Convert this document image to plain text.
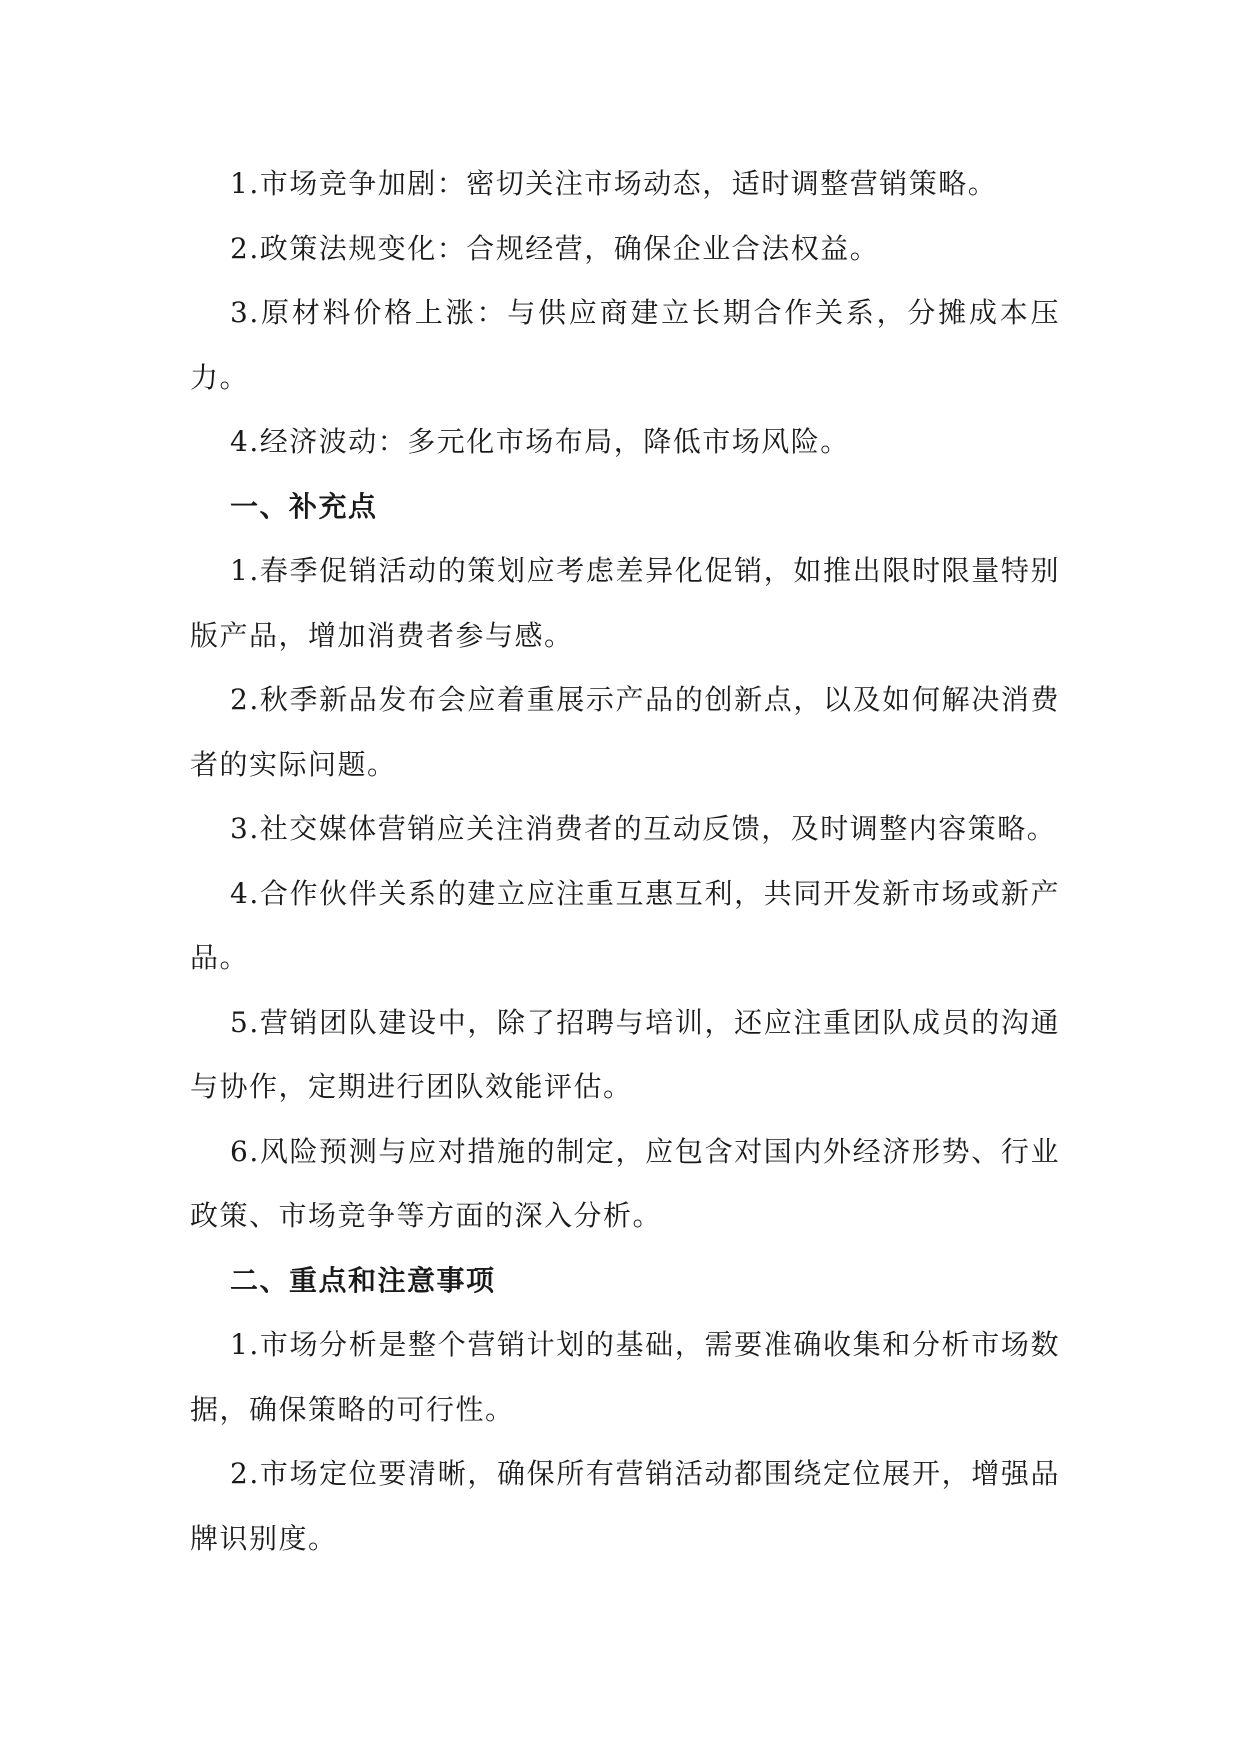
1.市场竞争加剧：密切关注市场动态，适时调整营销策略。

2.政策法规变化：合规经营，确保企业合法权益。

3.原材料价格上涨：与供应商建立长期合作关系，分摊成本压力。

4.经济波动：多元化市场布局，降低市场风险。

一、补充点

1.春季促销活动的策划应考虑差异化促销，如推出限时限量特别版产品，增加消费者参与感。

2.秋季新品发布会应着重展示产品的创新点，以及如何解决消费者的实际问题。

3.社交媒体营销应关注消费者的互动反馈，及时调整内容策略。

4.合作伙伴关系的建立应注重互惠互利，共同开发新市场或新产品。

5.营销团队建设中，除了招聘与培训，还应注重团队成员的沟通与协作，定期进行团队效能评估。

6.风险预测与应对措施的制定，应包含对国内外经济形势、行业政策、市场竞争等方面的深入分析。

二、重点和注意事项

1.市场分析是整个营销计划的基础，需要准确收集和分析市场数据，确保策略的可行性。

2.市场定位要清晰，确保所有营销活动都围绕定位展开，增强品牌识别度。
